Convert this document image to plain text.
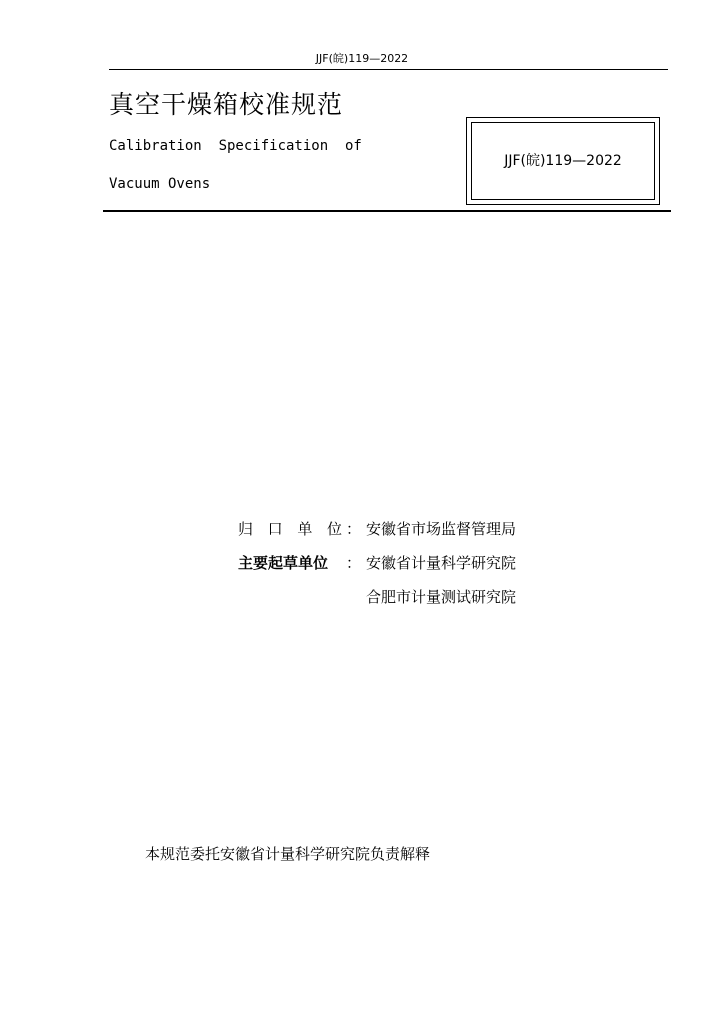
JJF(皖)119—2022
真空干燥箱校准规范
Calibration  Specification  of
Vacuum Ovens
JJF(皖)119—2022
归 口 单 位 ： 安徽省市场监督管理局
主要起草单位	： 安徽省计量科学研究院
合肥市计量测试研究院
本规范委托安徽省计量科学研究院负责解释
